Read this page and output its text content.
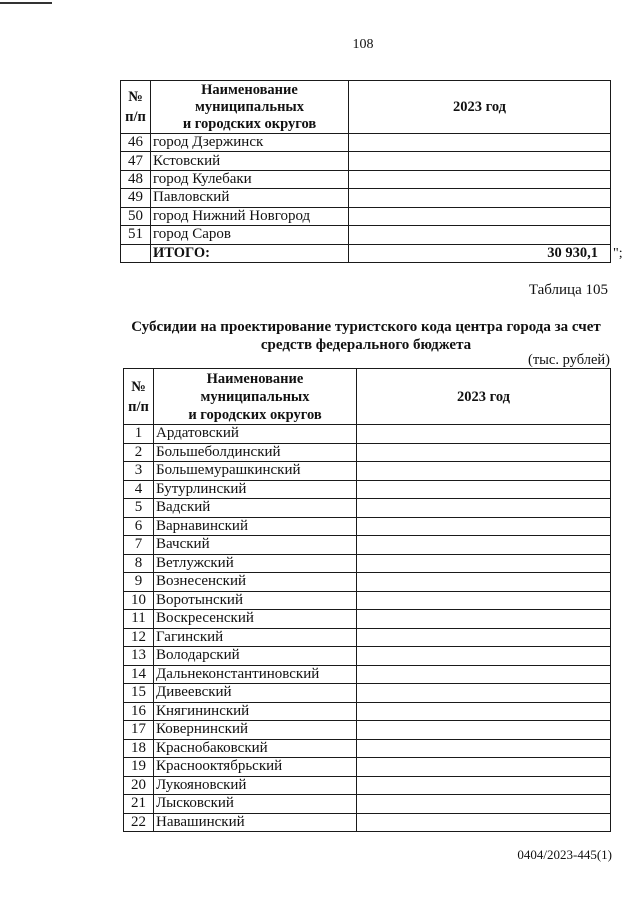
108
№
п/п	Наименование
муниципальных
и городских округов	2023 год
46	город Дзержинск	
47	Кстовский	
48	город Кулебаки	
49	Павловский	
50	город Нижний Новгород	
51	город Саров	
	ИТОГО:	30 930,1 ";
Таблица 105
Субсидии на проектирование туристского кода центра города за счет средств федерального бюджета
(тыс. рублей)
№
п/п	Наименование
муниципальных
и городских округов	2023 год
1	Ардатовский	
2	Большеболдинский	
3	Большемурашкинский	
4	Бутурлинский	
5	Вадский	
6	Варнавинский	
7	Вачский	
8	Ветлужский	
9	Вознесенский	
10	Воротынский	
11	Воскресенский	
12	Гагинский	
13	Володарский	
14	Дальнеконстантиновский	
15	Дивеевский	
16	Княгининский	
17	Ковернинский	
18	Краснобаковский	
19	Краснооктябрьский	
20	Лукояновский	
21	Лысковский	
22	Навашинский	
0404/2023-445(1)
